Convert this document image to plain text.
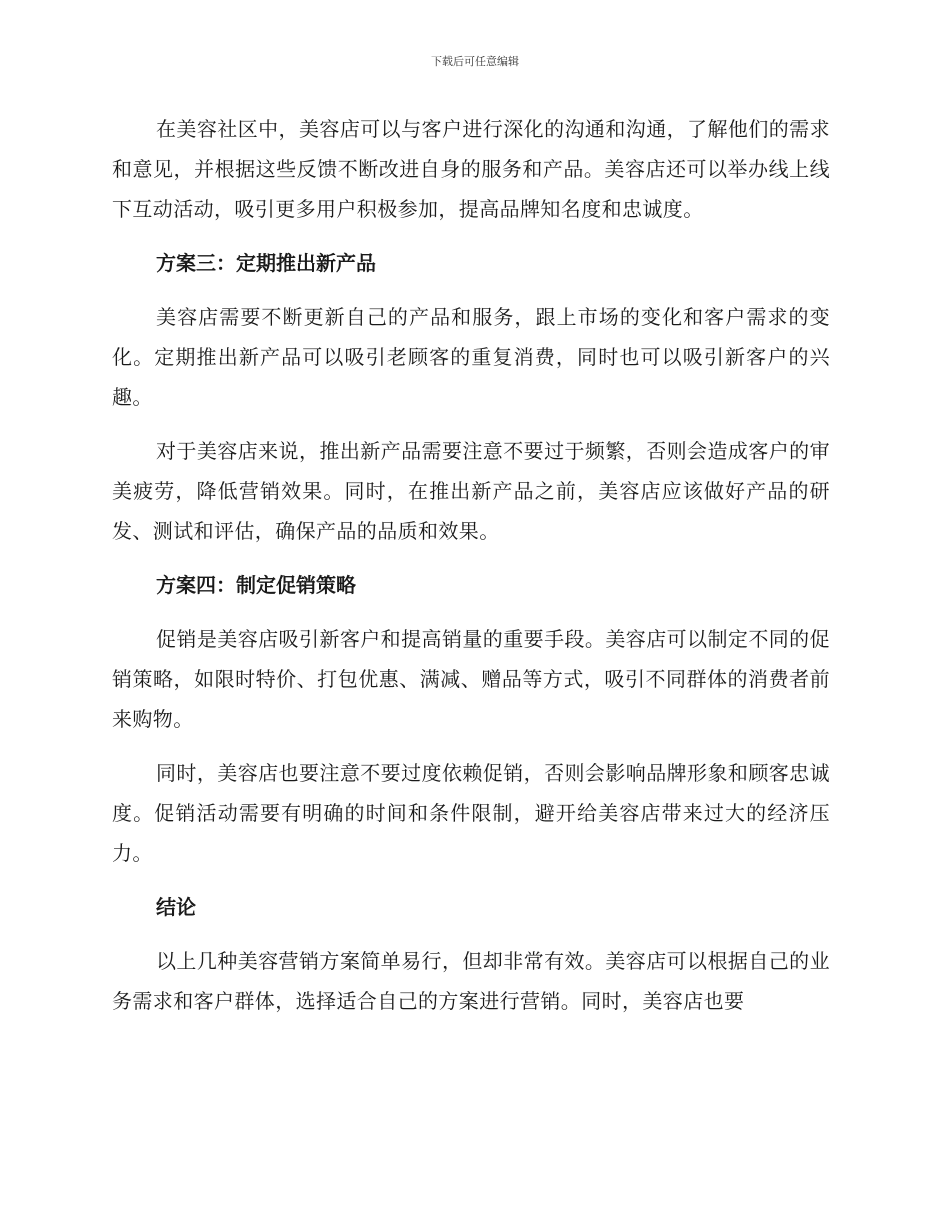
下载后可任意编辑

在美容社区中，美容店可以与客户进行深化的沟通和沟通，了解他们的需求和意见，并根据这些反馈不断改进自身的服务和产品。美容店还可以举办线上线下互动活动，吸引更多用户积极参加，提高品牌知名度和忠诚度。

方案三：定期推出新产品

美容店需要不断更新自己的产品和服务，跟上市场的变化和客户需求的变化。定期推出新产品可以吸引老顾客的重复消费，同时也可以吸引新客户的兴趣。

对于美容店来说，推出新产品需要注意不要过于频繁，否则会造成客户的审美疲劳，降低营销效果。同时，在推出新产品之前，美容店应该做好产品的研发、测试和评估，确保产品的品质和效果。

方案四：制定促销策略

促销是美容店吸引新客户和提高销量的重要手段。美容店可以制定不同的促销策略，如限时特价、打包优惠、满减、赠品等方式，吸引不同群体的消费者前来购物。

同时，美容店也要注意不要过度依赖促销，否则会影响品牌形象和顾客忠诚度。促销活动需要有明确的时间和条件限制，避开给美容店带来过大的经济压力。

结论

以上几种美容营销方案简单易行，但却非常有效。美容店可以根据自己的业务需求和客户群体，选择适合自己的方案进行营销。同时，美容店也要
